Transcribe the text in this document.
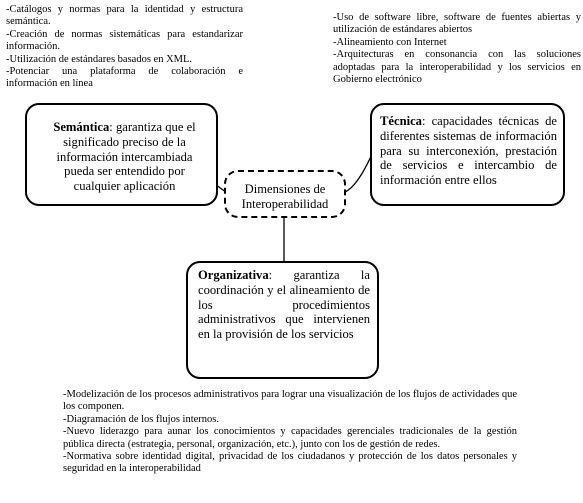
-Catálogos y normas para la identidad y estructura semántica.
-Creación de normas sistemáticas para estandarizar información.
-Utilización de estándares basados en XML.
-Potenciar una plataforma de colaboración e información en línea
-Uso de software libre, software de fuentes abiertas y utilización de estándares abiertos
-Alineamiento con Internet
-Arquitecturas en consonancia con las soluciones adoptadas para la interoperabilidad y los servicios en Gobierno electrónico
Semántica: garantiza que el significado preciso de la información intercambiada pueda ser entendido por cualquier aplicación
Técnica: capacidades técnicas de diferentes sistemas de información para su interconexión, prestación de servicios e intercambio de información entre ellos
Dimensiones de
Interoperabilidad
Organizativa: garantiza la coordinación y el alineamiento de los procedimientos administrativos que intervienen en la provisión de los servicios
-Modelización de los procesos administrativos para lograr una visualización de los flujos de actividades que los componen.
-Diagramación de los flujos internos.
-Nuevo liderazgo para aunar los conocimientos y capacidades gerenciales tradicionales de la gestión pública directa (estrategia, personal, organización, etc.), junto con los de gestión de redes.
-Normativa sobre identidad digital, privacidad de los ciudadanos y protección de los datos personales y seguridad en la interoperabilidad
